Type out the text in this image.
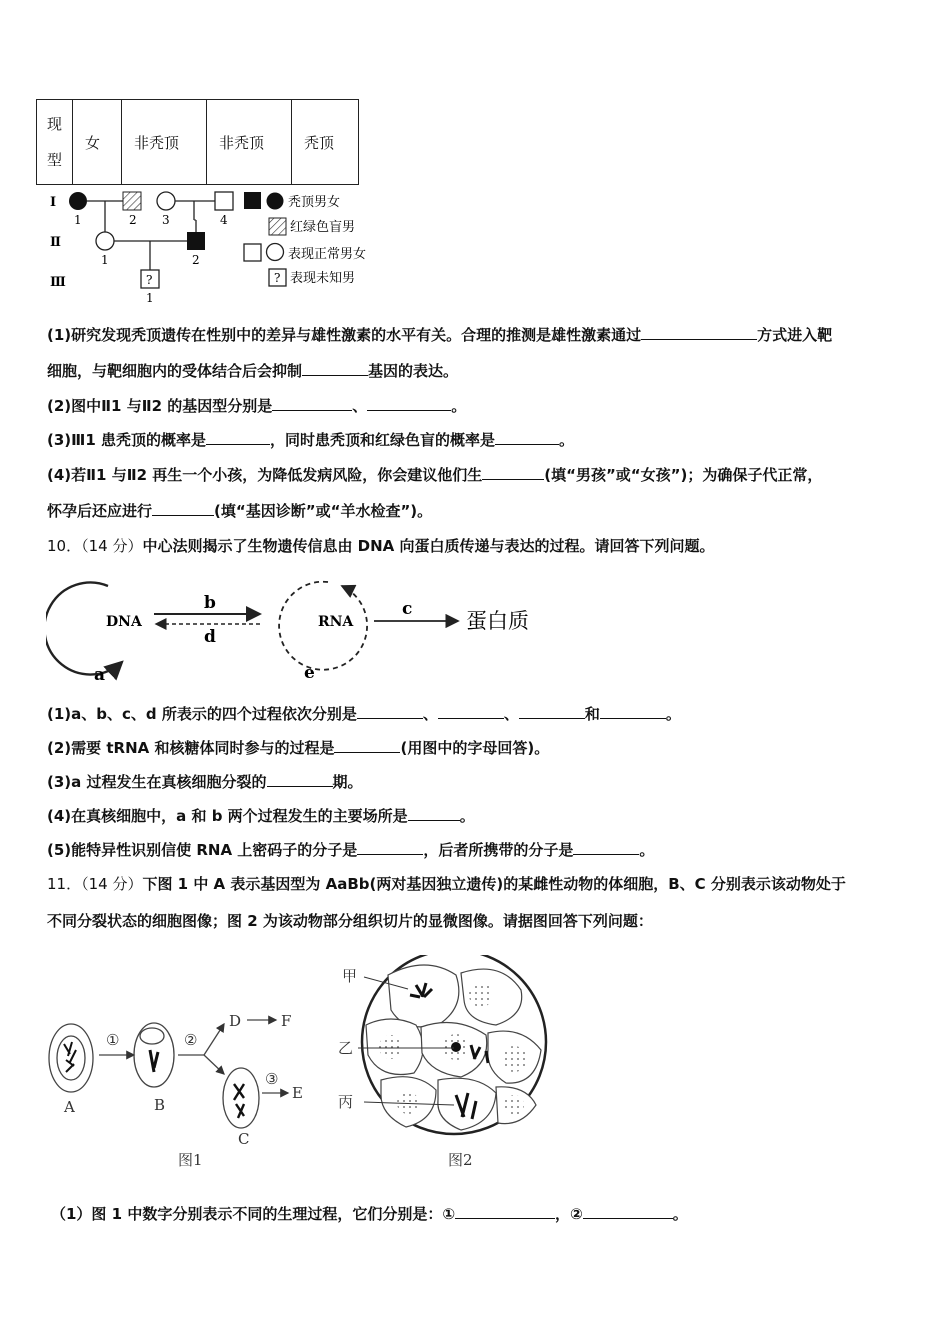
现型	女	非秃顶	非秃顶	秃顶
Ⅰ
Ⅱ
Ⅲ
1	2 3	4
1	2
?
1
秃顶男女
红绿色盲男
表现正常男女
? 表现未知男
(1)研究发现秃顶遗传在性别中的差异与雄性激素的水平有关。合理的推测是雄性激素通过	方式进入靶
细胞，与靶细胞内的受体结合后会抑制	基因的表达。
(2)图中Ⅱ1 与Ⅱ2 的基因型分别是	、	。
(3)Ⅲ1 患秃顶的概率是	，同时患秃顶和红绿色盲的概率是	。
(4)若Ⅱ1 与Ⅱ2 再生一个小孩，为降低发病风险，你会建议他们生	(填“男孩”或“女孩”)；为确保子代正常，
怀孕后还应进行	(填“基因诊断”或“羊水检查”)。
10．（14 分）中心法则揭示了生物遗传信息由 DNA 向蛋白质传递与表达的过程。请回答下列问题。
DNA
a
b
d
RNA
e
c	蛋白质
(1)a、b、c、d 所表示的四个过程依次分别是	、	、	和	。
(2)需要 tRNA 和核糖体同时参与的过程是	(用图中的字母回答)。
(3)a 过程发生在真核细胞分裂的	期。
(4)在真核细胞中，a 和 b 两个过程发生的主要场所是	。
(5)能特异性识别信使 RNA 上密码子的分子是	，后者所携带的分子是	。
11．（14 分）下图 1 中 A 表示基因型为 AaBb(两对基因独立遗传)的某雌性动物的体细胞，B、C 分别表示该动物处于
不同分裂状态的细胞图像；图 2 为该动物部分组织切片的显微图像。请据图回答下列问题：
①	②
③
A	B
D	F
C
E
图1
甲
乙
丙
图2
（1）图 1 中数字分别表示不同的生理过程，它们分别是：①	，②	。
